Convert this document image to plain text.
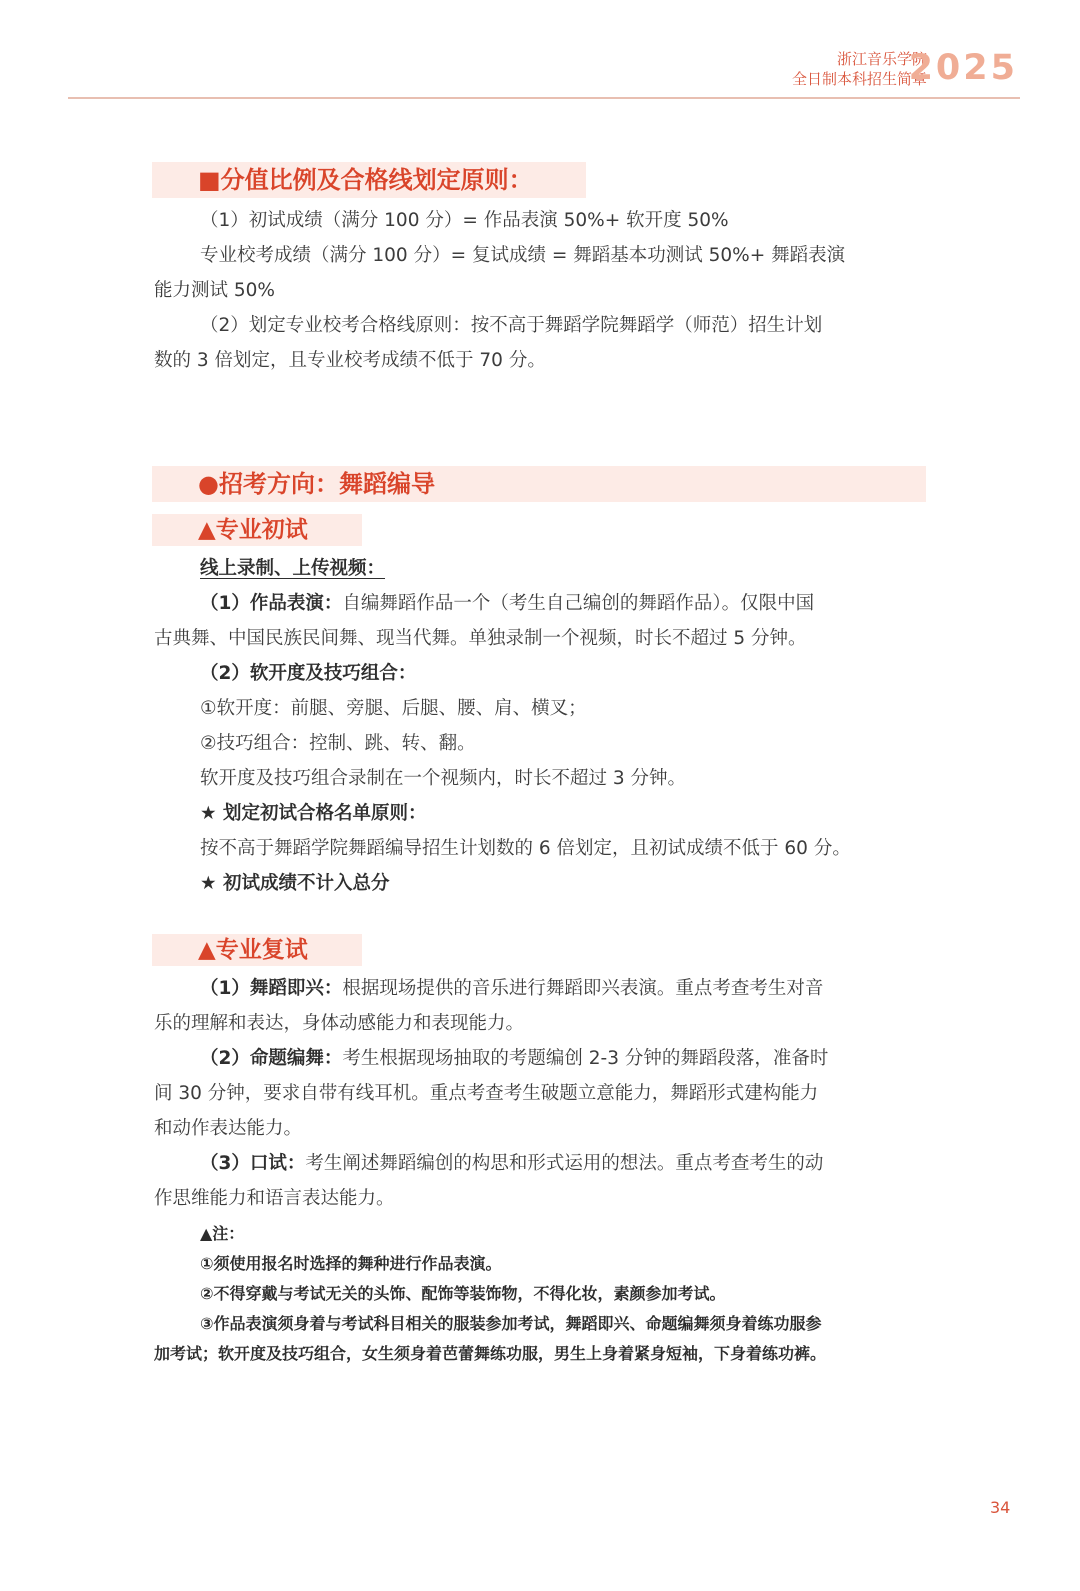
浙江音乐学院
全日制本科招生简章
2025
■分值比例及合格线划定原则：
（1）初试成绩（满分 100 分）= 作品表演 50%+ 软开度 50%
专业校考成绩（满分 100 分）= 复试成绩 = 舞蹈基本功测试 50%+ 舞蹈表演
能力测试 50%
（2）划定专业校考合格线原则：按不高于舞蹈学院舞蹈学（师范）招生计划
数的 3 倍划定，且专业校考成绩不低于 70 分。
●招考方向：舞蹈编导
▲专业初试
线上录制、上传视频：
（1）作品表演：自编舞蹈作品一个（考生自己编创的舞蹈作品）。仅限中国
古典舞、中国民族民间舞、现当代舞。单独录制一个视频，时长不超过 5 分钟。
（2）软开度及技巧组合：
①软开度：前腿、旁腿、后腿、腰、肩、横叉；
②技巧组合：控制、跳、转、翻。
软开度及技巧组合录制在一个视频内，时长不超过 3 分钟。
★ 划定初试合格名单原则：
按不高于舞蹈学院舞蹈编导招生计划数的 6 倍划定，且初试成绩不低于 60 分。
★ 初试成绩不计入总分
▲专业复试
（1）舞蹈即兴：根据现场提供的音乐进行舞蹈即兴表演。重点考查考生对音
乐的理解和表达，身体动感能力和表现能力。
（2）命题编舞：考生根据现场抽取的考题编创 2-3 分钟的舞蹈段落，准备时
间 30 分钟，要求自带有线耳机。重点考查考生破题立意能力，舞蹈形式建构能力
和动作表达能力。
（3）口试：考生阐述舞蹈编创的构思和形式运用的想法。重点考查考生的动
作思维能力和语言表达能力。
▲注：
①须使用报名时选择的舞种进行作品表演。
②不得穿戴与考试无关的头饰、配饰等装饰物，不得化妆，素颜参加考试。
③作品表演须身着与考试科目相关的服装参加考试，舞蹈即兴、命题编舞须身着练功服参
加考试；软开度及技巧组合，女生须身着芭蕾舞练功服，男生上身着紧身短袖，下身着练功裤。
34
